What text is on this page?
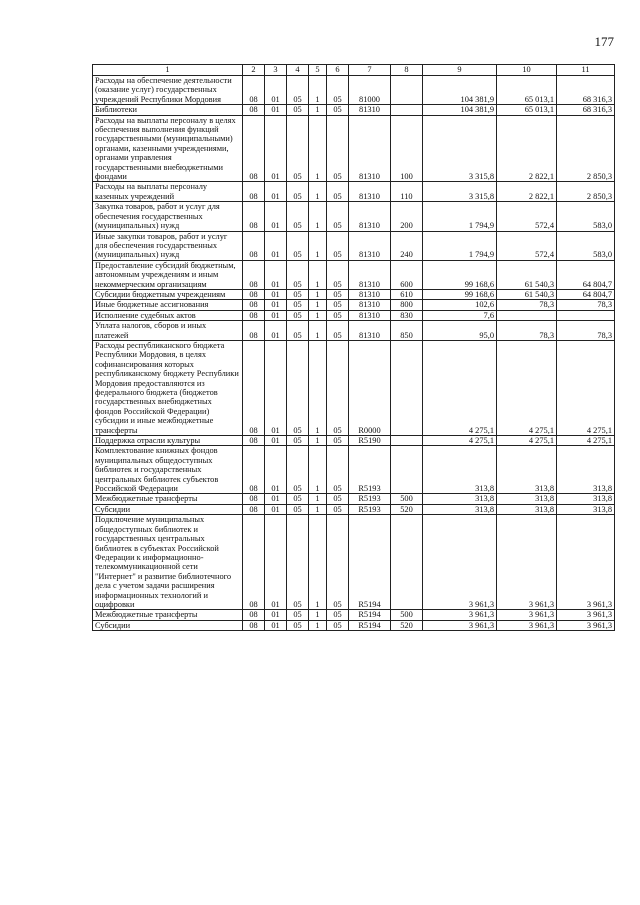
177
1	2	3	4	5	6	7	8	9	10	11
Расходы на обеспечение деятельности (оказание услуг) государственных учреждений Республики Мордовия	08	01	05	1	05	81000		104 381,9	65 013,1	68 316,3
Библиотеки	08	01	05	1	05	81310		104 381,9	65 013,1	68 316,3
Расходы на выплаты персоналу в целях обеспечения выполнения функций государственными (муниципальными) органами, казенными учреждениями, органами управления государственными внебюджетными фондами	08	01	05	1	05	81310	100	3 315,8	2 822,1	2 850,3
Расходы на выплаты персоналу казенных учреждений	08	01	05	1	05	81310	110	3 315,8	2 822,1	2 850,3
Закупка товаров, работ и услуг для обеспечения государственных (муниципальных) нужд	08	01	05	1	05	81310	200	1 794,9	572,4	583,0
Иные закупки товаров, работ и услуг для обеспечения государственных (муниципальных) нужд	08	01	05	1	05	81310	240	1 794,9	572,4	583,0
Предоставление субсидий бюджетным, автономным учреждениям и иным некоммерческим организациям	08	01	05	1	05	81310	600	99 168,6	61 540,3	64 804,7
Субсидии бюджетным учреждениям	08	01	05	1	05	81310	610	99 168,6	61 540,3	64 804,7
Иные бюджетные ассигнования	08	01	05	1	05	81310	800	102,6	78,3	78,3
Исполнение судебных актов	08	01	05	1	05	81310	830	7,6		
Уплата налогов, сборов и иных платежей	08	01	05	1	05	81310	850	95,0	78,3	78,3
Расходы республиканского бюджета Республики Мордовия, в целях софинансирования которых республиканскому бюджету Республики Мордовия предоставляются из федерального бюджета (бюджетов государственных внебюджетных фондов Российской Федерации) субсидии и иные межбюджетные трансферты	08	01	05	1	05	R0000		4 275,1	4 275,1	4 275,1
Поддержка отрасли культуры	08	01	05	1	05	R5190		4 275,1	4 275,1	4 275,1
Комплектование книжных фондов муниципальных общедоступных библиотек и государственных центральных библиотек субъектов Российской Федерации	08	01	05	1	05	R5193		313,8	313,8	313,8
Межбюджетные трансферты	08	01	05	1	05	R5193	500	313,8	313,8	313,8
Субсидии	08	01	05	1	05	R5193	520	313,8	313,8	313,8
Подключение муниципальных общедоступных библиотек и государственных центральных библиотек в субъектах Российской Федерации к информационно-телекоммуникационной сети "Интернет" и развитие библиотечного дела с учетом задачи расширения информационных технологий и оцифровки	08	01	05	1	05	R5194		3 961,3	3 961,3	3 961,3
Межбюджетные трансферты	08	01	05	1	05	R5194	500	3 961,3	3 961,3	3 961,3
Субсидии	08	01	05	1	05	R5194	520	3 961,3	3 961,3	3 961,3
